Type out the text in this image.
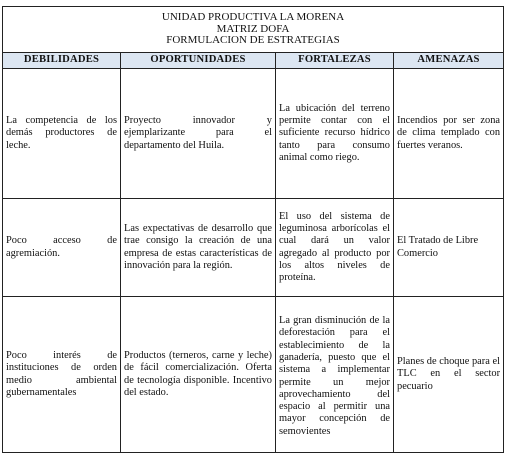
UNIDAD PRODUCTIVA LA MORENA
MATRIZ DOFA
FORMULACION DE ESTRATEGIAS			

DEBILIDADES	OPORTUNIDADES	FORTALEZAS	AMENAZAS
La competencia de los demás productores de leche.	Proyecto innovador y ejemplarizante para el departamento del Huila.	La ubicación del terreno permite contar con el suficiente recurso hídrico tanto para consumo animal como riego.	Incendios por ser zona de clima templado con fuertes veranos.
Poco acceso de agremiación.	Las expectativas de desarrollo que trae consigo la creación de una empresa de estas características de innovación para la región.	El uso del sistema de leguminosa arborícolas el cual dará un valor agregado al producto por los altos niveles de proteína.	El Tratado de Libre Comercio
Poco interés de instituciones de orden medio ambiental gubernamentales	Productos (terneros, carne y leche) de fácil comercialización. Oferta de tecnología disponible. Incentivo del estado.	La gran disminución de la deforestación para el establecimiento de la ganadería, puesto que el sistema a implementar permite un mejor aprovechamiento del espacio al permitir una mayor concepción de semovientes	Planes de choque para el TLC en el sector pecuario
